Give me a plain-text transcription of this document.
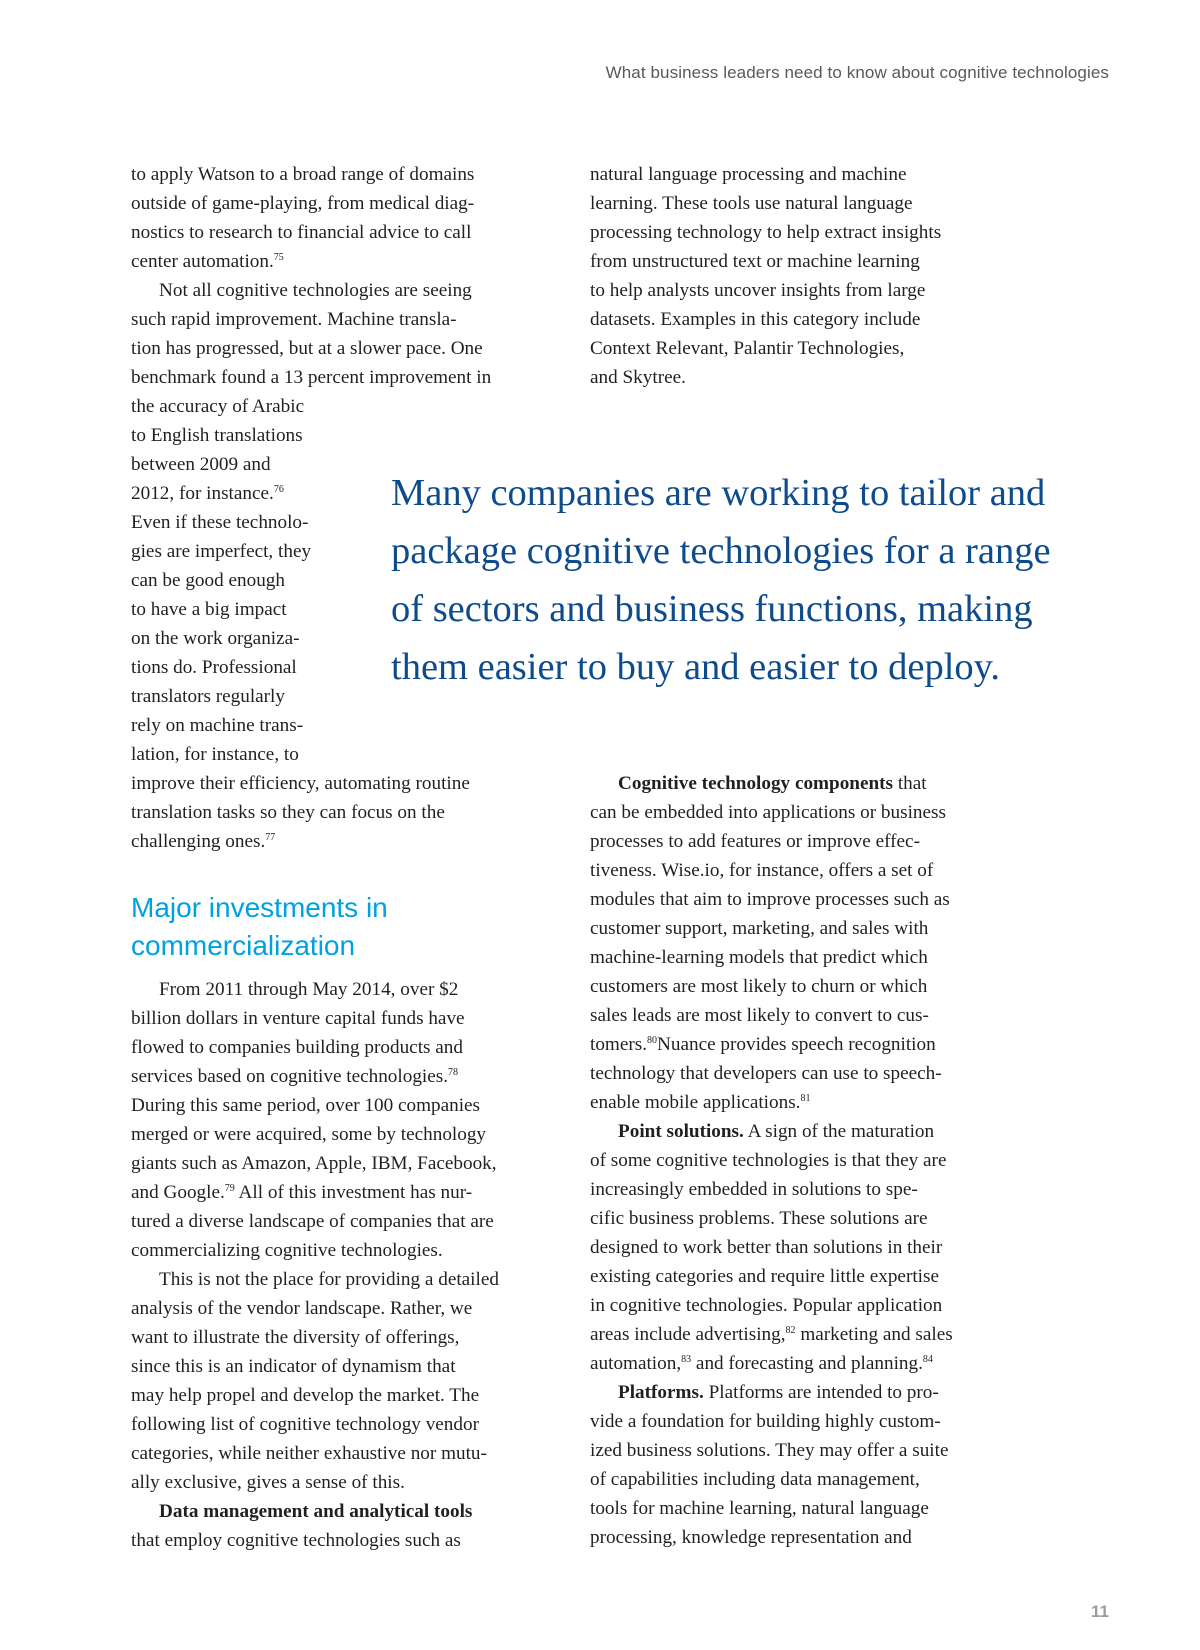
What business leaders need to know about cognitive technologies
to apply Watson to a broad range of domains
outside of game-playing, from medical diag-
nostics to research to financial advice to call
center automation.$^{75}$
Not all cognitive technologies are seeing
such rapid improvement. Machine transla-
tion has progressed, but at a slower pace. One
benchmark found a 13 percent improvement in
the accuracy of Arabic
to English translations
between 2009 and
2012, for instance.$^{76}$
Even if these technolo-
gies are imperfect, they
can be good enough
to have a big impact
on the work organiza-
tions do. Professional
translators regularly
rely on machine trans-
lation, for instance, to
improve their efficiency, automating routine
translation tasks so they can focus on the
challenging ones.$^{77}$
Many companies are working to tailor and
package cognitive technologies for a range
of sectors and business functions, making
them easier to buy and easier to deploy.
Major investments in
commercialization
From 2011 through May 2014, over $2
billion dollars in venture capital funds have
flowed to companies building products and
services based on cognitive technologies.$^{78}$
During this same period, over 100 companies
merged or were acquired, some by technology
giants such as Amazon, Apple, IBM, Facebook,
and Google.$^{79}$ All of this investment has nur-
tured a diverse landscape of companies that are
commercializing cognitive technologies.
This is not the place for providing a detailed
analysis of the vendor landscape. Rather, we
want to illustrate the diversity of offerings,
since this is an indicator of dynamism that
may help propel and develop the market. The
following list of cognitive technology vendor
categories, while neither exhaustive nor mutu-
ally exclusive, gives a sense of this.
Data management and analytical tools
that employ cognitive technologies such as
natural language processing and machine
learning. These tools use natural language
processing technology to help extract insights
from unstructured text or machine learning
to help analysts uncover insights from large
datasets. Examples in this category include
Context Relevant, Palantir Technologies,
and Skytree.
Cognitive technology components that
can be embedded into applications or business
processes to add features or improve effec-
tiveness. Wise.io, for instance, offers a set of
modules that aim to improve processes such as
customer support, marketing, and sales with
machine-learning models that predict which
customers are most likely to churn or which
sales leads are most likely to convert to cus-
tomers.$^{80}$Nuance provides speech recognition
technology that developers can use to speech-
enable mobile applications.$^{81}$
Point solutions. A sign of the maturation
of some cognitive technologies is that they are
increasingly embedded in solutions to spe-
cific business problems. These solutions are
designed to work better than solutions in their
existing categories and require little expertise
in cognitive technologies. Popular application
areas include advertising,$^{82}$ marketing and sales
automation,$^{83}$ and forecasting and planning.$^{84}$
Platforms. Platforms are intended to pro-
vide a foundation for building highly custom-
ized business solutions. They may offer a suite
of capabilities including data management,
tools for machine learning, natural language
processing, knowledge representation and
11
